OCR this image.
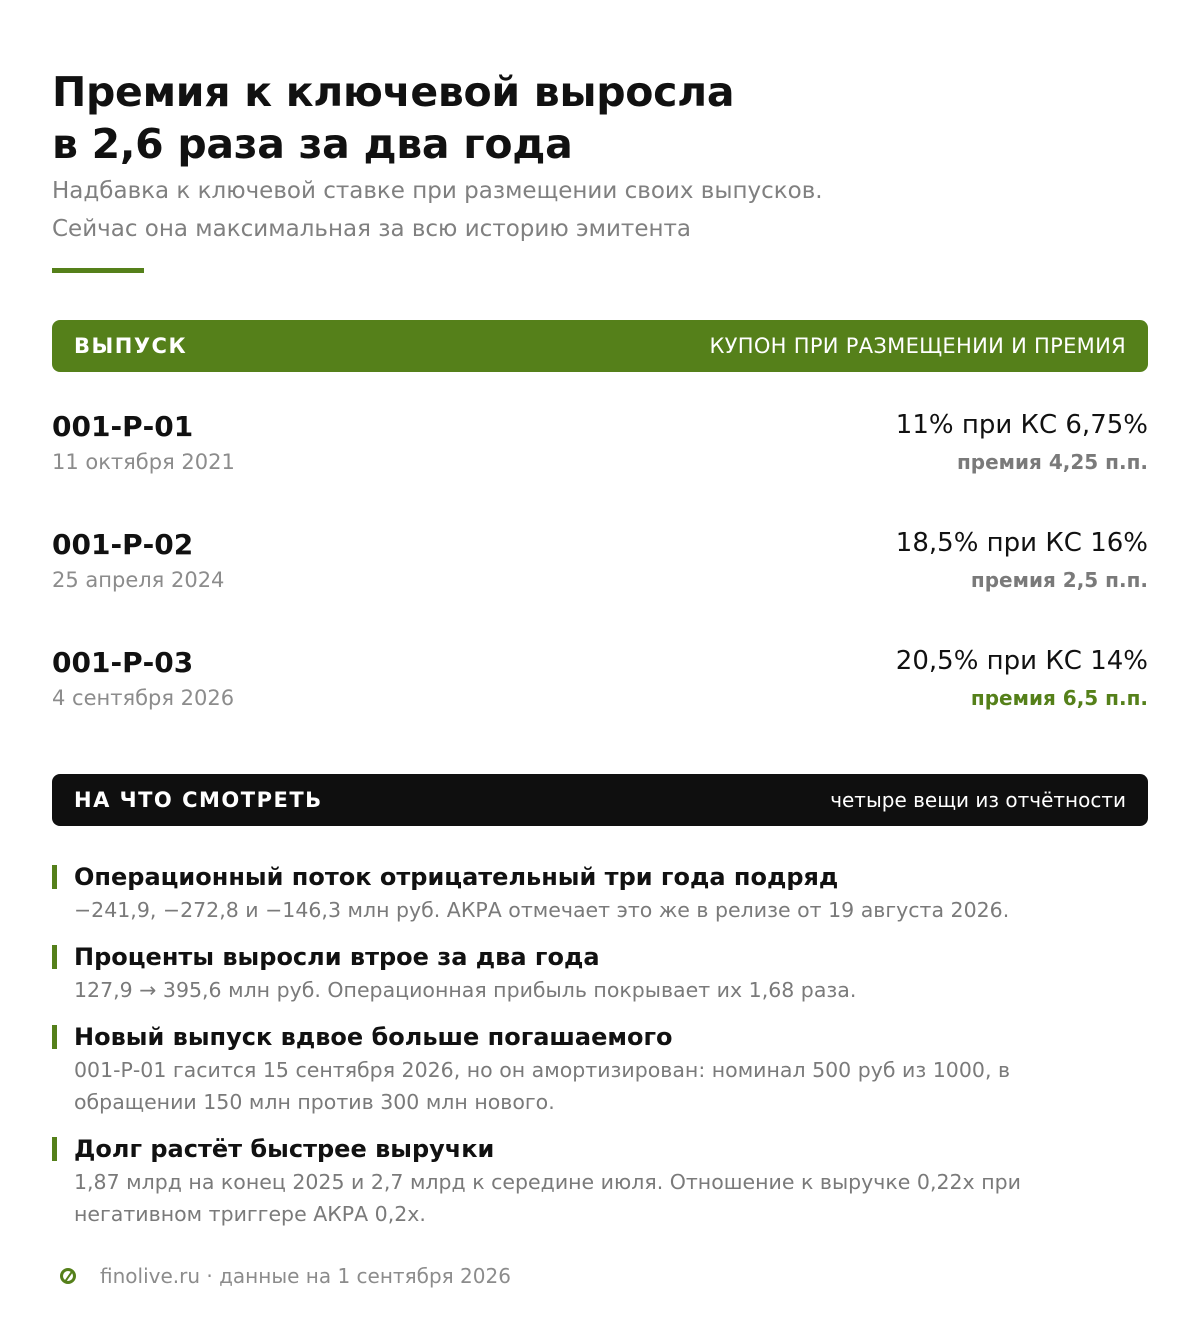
Премия к ключевой выросла
в 2,6 раза за два года
Надбавка к ключевой ставке при размещении своих выпусков.
Сейчас она максимальная за всю историю эмитента
ВЫПУСК	КУПОН ПРИ РАЗМЕЩЕНИИ И ПРЕМИЯ
001-Р-01
11 октября 2021
11% при КС 6,75%
премия 4,25 п.п.
001-Р-02
25 апреля 2024
18,5% при КС 16%
премия 2,5 п.п.
001-Р-03
4 сентября 2026
20,5% при КС 14%
премия 6,5 п.п.
НА ЧТО СМОТРЕТЬ	четыре вещи из отчётности
Операционный поток отрицательный три года подряд
−241,9, −272,8 и −146,3 млн руб. АКРА отмечает это же в релизе от 19 августа 2026.
Проценты выросли втрое за два года
127,9 → 395,6 млн руб. Операционная прибыль покрывает их 1,68 раза.
Новый выпуск вдвое больше погашаемого
001-Р-01 гасится 15 сентября 2026, но он амортизирован: номинал 500 руб из 1000, в обращении 150 млн против 300 млн нового.
Долг растёт быстрее выручки
1,87 млрд на конец 2025 и 2,7 млрд к середине июля. Отношение к выручке 0,22x при негативном триггере АКРА 0,2x.
finolive.ru · данные на 1 сентября 2026
